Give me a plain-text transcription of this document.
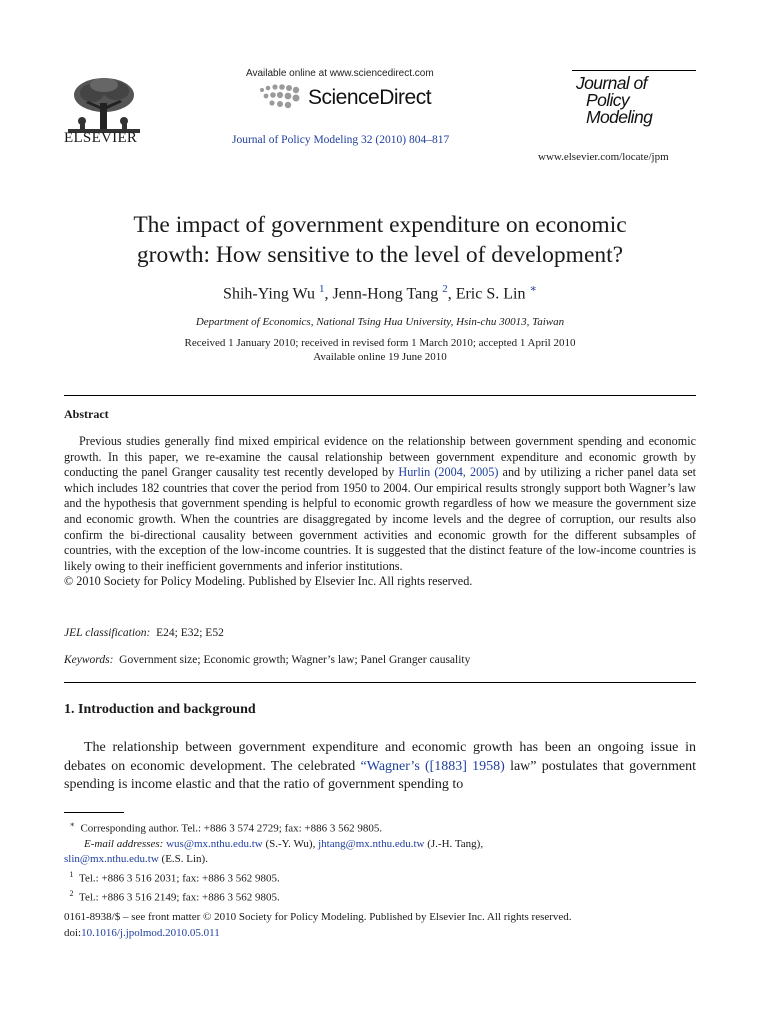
ELSEVIER
Available online at www.sciencedirect.com
ScienceDirect
Journal of Policy Modeling 32 (2010) 804–817
Journal of
Policy
Modeling
www.elsevier.com/locate/jpm
The impact of government expenditure on economic
growth: How sensitive to the level of development?
Shih-Ying Wu $^1$, Jenn-Hong Tang $^2$, Eric S. Lin ∗
Department of Economics, National Tsing Hua University, Hsin-chu 30013, Taiwan
Received 1 January 2010; received in revised form 1 March 2010; accepted 1 April 2010
Available online 19 June 2010
Abstract

Previous studies generally find mixed empirical evidence on the relationship between government spending and economic growth. In this paper, we re-examine the causal relationship between government expenditure and economic growth by conducting the panel Granger causality test recently developed by Hurlin (2004, 2005) and by utilizing a richer panel data set which includes 182 countries that cover the period from 1950 to 2004. Our empirical results strongly support both Wagner’s law and the hypothesis that government spending is helpful to economic growth regardless of how we measure the government size and economic growth. When the countries are disaggregated by income levels and the degree of corruption, our results also confirm the bi-directional causality between government activities and economic growth for the different subsamples of countries, with the exception of the low-income countries. It is suggested that the distinct feature of the low-income countries is likely owing to their inefficient governments and inferior institutions.

© 2010 Society for Policy Modeling. Published by Elsevier Inc. All rights reserved.
JEL classification: E24; E32; E52
Keywords: Government size; Economic growth; Wagner’s law; Panel Granger causality
1. Introduction and background

The relationship between government expenditure and economic growth has been an ongoing issue in debates on economic development. The celebrated “Wagner’s ([1883] 1958) law” postulates that government spending is income elastic and that the ratio of government spending to

∗ Corresponding author. Tel.: +886 3 574 2729; fax: +886 3 562 9805.
E-mail addresses: wus@mx.nthu.edu.tw (S.-Y. Wu), jhtang@mx.nthu.edu.tw (J.-H. Tang),
slin@mx.nthu.edu.tw (E.S. Lin).
$^1$ Tel.: +886 3 516 2031; fax: +886 3 562 9805.
$^2$ Tel.: +886 3 516 2149; fax: +886 3 562 9805.
0161-8938/$ – see front matter © 2010 Society for Policy Modeling. Published by Elsevier Inc. All rights reserved.
doi:10.1016/j.jpolmod.2010.05.011
